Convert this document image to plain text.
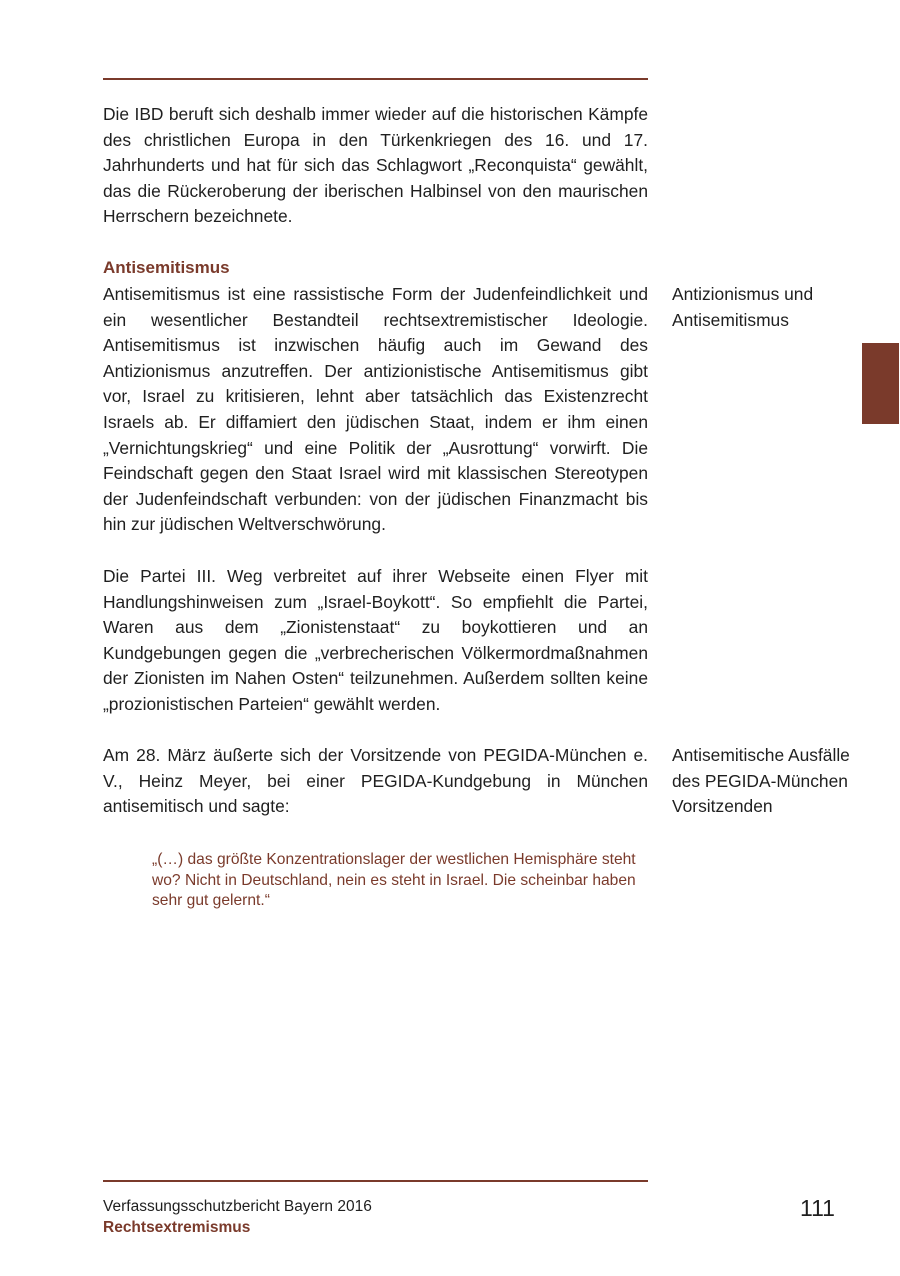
Die IBD beruft sich deshalb immer wieder auf die historischen Kämpfe des christlichen Europa in den Türkenkriegen des 16. und 17. Jahrhunderts und hat für sich das Schlagwort „Reconquista“ gewählt, das die Rückeroberung der iberischen Halbinsel von den maurischen Herrschern bezeichnete.

Antisemitismus

Antisemitismus ist eine rassistische Form der Judenfeindlichkeit und ein wesentlicher Bestandteil rechtsextremistischer Ideologie. Antisemitismus ist inzwischen häufig auch im Gewand des Antizionismus anzutreffen. Der antizionistische Antisemitismus gibt vor, Israel zu kritisieren, lehnt aber tatsächlich das Existenzrecht Israels ab. Er diffamiert den jüdischen Staat, indem er ihm einen „Vernichtungskrieg“ und eine Politik der „Ausrottung“ vorwirft. Die Feindschaft gegen den Staat Israel wird mit klassischen Stereotypen der Judenfeindschaft verbunden: von der jüdischen Finanzmacht bis hin zur jüdischen Weltverschwörung.

Die Partei III. Weg verbreitet auf ihrer Webseite einen Flyer mit Handlungshinweisen zum „Israel-Boykott“. So empfiehlt die Partei, Waren aus dem „Zionistenstaat“ zu boykottieren und an Kundgebungen gegen die „verbrecherischen Völkermordmaßnahmen der Zionisten im Nahen Osten“ teilzunehmen. Außerdem sollten keine „prozionistischen Parteien“ gewählt werden.

Am 28. März äußerte sich der Vorsitzende von PEGIDA-München e. V., Heinz Meyer, bei einer PEGIDA-Kundgebung in München antisemitisch und sagte:

„(…) das größte Konzentrationslager der westlichen Hemisphäre steht wo? Nicht in Deutschland, nein es steht in Israel. Die scheinbar haben sehr gut gelernt.“
Antizionismus und Antisemitismus
Antisemitische Ausfälle des PEGIDA-München Vorsitzenden
Verfassungsschutzbericht Bayern 2016
Rechtsextremismus
111
